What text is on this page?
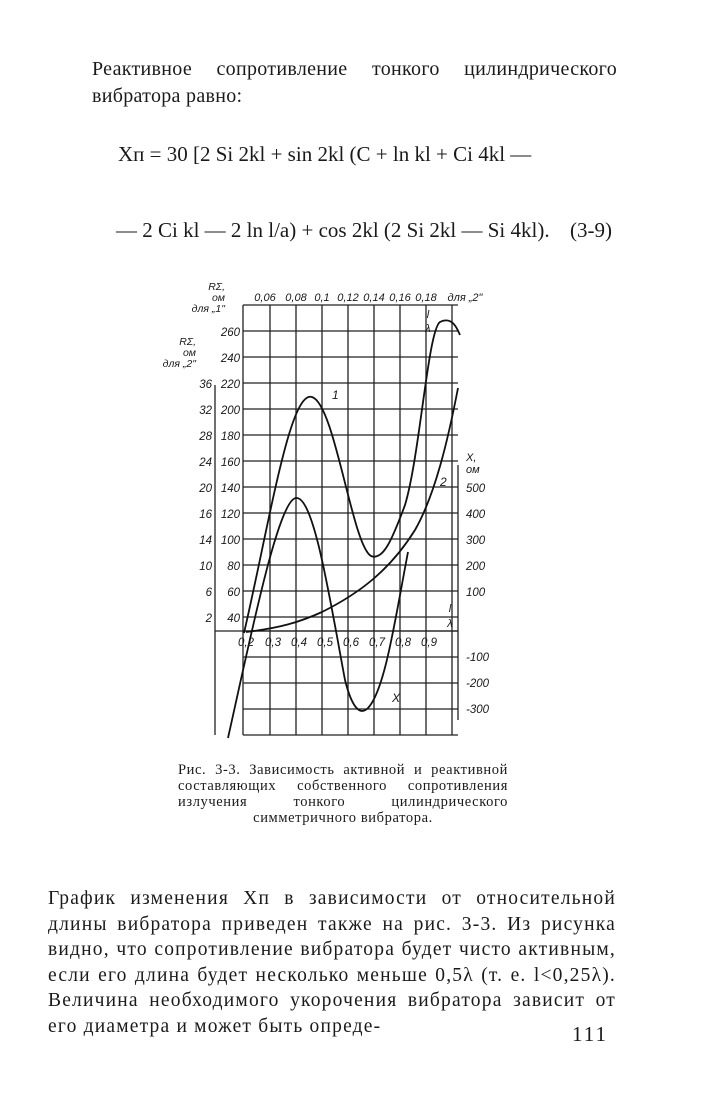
Реактивное сопротивление тонкого цилиндрического вибратора равно:
Xп = 30 [2 Si 2kl + sin 2kl (C + ln kl + Ci 4kl —
— 2 Ci kl — 2 ln l/a) + cos 2kl (2 Si 2kl — Si 4kl). (3-9)
0,06 0,08 0,1 0,12 0,14 0,16 0,18 для „2"
RΣ,
ом
для „1"
260
240
220
200
180
160
140
120
100
80
60
40
RΣ,
ом
для „2"
36
32
28
24
20
16
14
10
6
2
X,
ом
500
400
300
200
100
-100
-200
-300
0,2 0,3 0,4 0,5 0,6 0,7 0,8 0,9
l
λ
l
λ
1
2
X
Рис. 3-3. Зависимость активной и реактивной составляющих собственного сопротивления излучения тонкого цилиндрического симметричного вибратора.
График изменения Xп в зависимости от относительной длины вибратора приведен также на рис. 3-3. Из рисунка видно, что сопротивление вибратора будет чисто активным, если его длина будет несколько меньше 0,5λ (т. е. l<0,25λ). Величина необходимого укорочения вибратора зависит от его диаметра и может быть опреде-	111
